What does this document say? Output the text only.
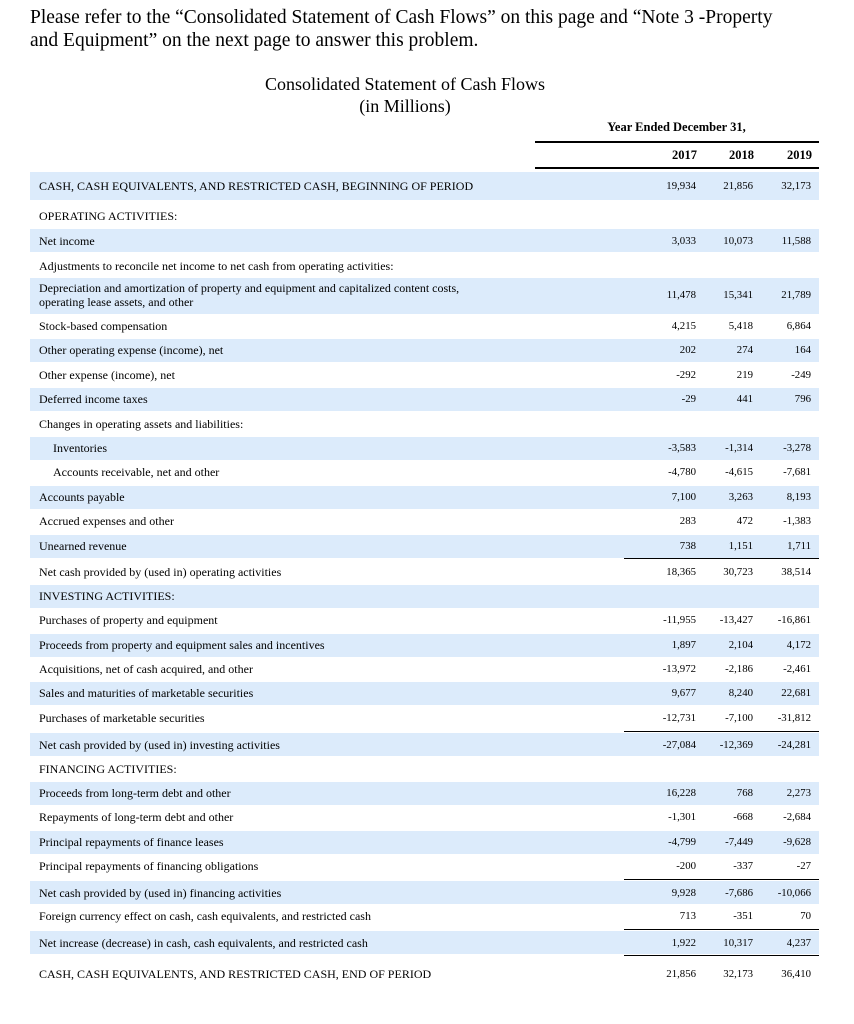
Please refer to the “Consolidated Statement of Cash Flows” on this page and “Note 3 -Property
and Equipment” on the next page to answer this problem.
Consolidated Statement of Cash Flows
(in Millions)
Year Ended December 31,
2017	2018	2019
CASH, CASH EQUIVALENTS, AND RESTRICTED CASH, BEGINNING OF PERIOD	19,934	21,856	32,173
OPERATING ACTIVITIES:
Net income	3,033	10,073	11,588
Adjustments to reconcile net income to net cash from operating activities:
Depreciation and amortization of property and equipment and capitalized content costs,
operating lease assets, and other	11,478	15,341	21,789
Stock-based compensation	4,215	5,418	6,864
Other operating expense (income), net	202	274	164
Other expense (income), net	-292	219	-249
Deferred income taxes	-29	441	796
Changes in operating assets and liabilities:
Inventories	-3,583	-1,314	-3,278
Accounts receivable, net and other	-4,780	-4,615	-7,681
Accounts payable	7,100	3,263	8,193
Accrued expenses and other	283	472	-1,383
Unearned revenue	738	1,151	1,711
Net cash provided by (used in) operating activities	18,365	30,723	38,514
INVESTING ACTIVITIES:
Purchases of property and equipment	-11,955	-13,427	-16,861
Proceeds from property and equipment sales and incentives	1,897	2,104	4,172
Acquisitions, net of cash acquired, and other	-13,972	-2,186	-2,461
Sales and maturities of marketable securities	9,677	8,240	22,681
Purchases of marketable securities	-12,731	-7,100	-31,812
Net cash provided by (used in) investing activities	-27,084	-12,369	-24,281
FINANCING ACTIVITIES:
Proceeds from long-term debt and other	16,228	768	2,273
Repayments of long-term debt and other	-1,301	-668	-2,684
Principal repayments of finance leases	-4,799	-7,449	-9,628
Principal repayments of financing obligations	-200	-337	-27
Net cash provided by (used in) financing activities	9,928	-7,686	-10,066
Foreign currency effect on cash, cash equivalents, and restricted cash	713	-351	70
Net increase (decrease) in cash, cash equivalents, and restricted cash	1,922	10,317	4,237
CASH, CASH EQUIVALENTS, AND RESTRICTED CASH, END OF PERIOD	21,856	32,173	36,410
